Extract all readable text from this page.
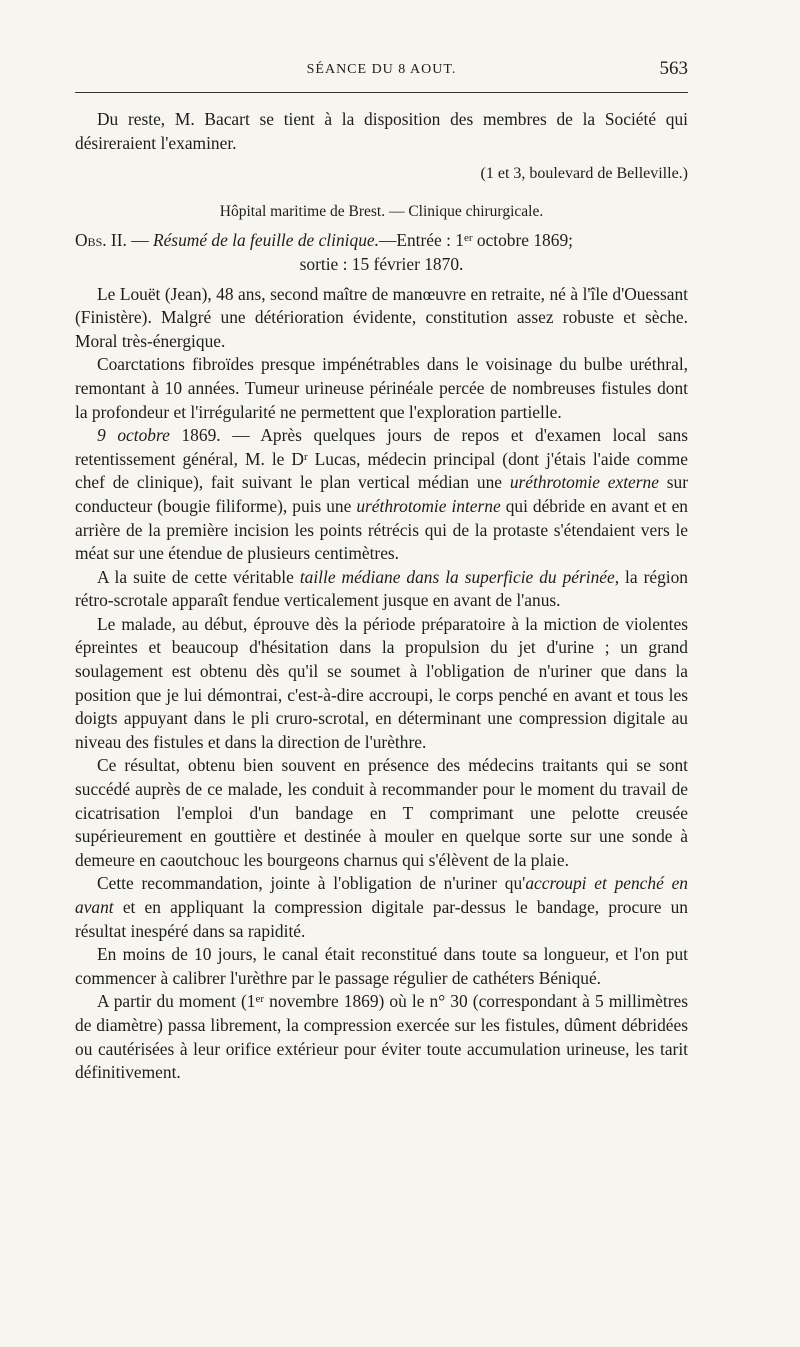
SÉANCE DU 8 AOUT.	563

Du reste, M. Bacart se tient à la disposition des membres de la Société qui désireraient l'examiner.

(1 et 3, boulevard de Belleville.)

Hôpital maritime de Brest. — Clinique chirurgicale.

Obs. II. — Résumé de la feuille de clinique.—Entrée : 1er octobre 1869;
sortie : 15 février 1870.

Le Louët (Jean), 48 ans, second maître de manœuvre en retraite, né à l'île d'Ouessant (Finistère). Malgré une détérioration évidente, constitution assez robuste et sèche. Moral très-énergique.

Coarctations fibroïdes presque impénétrables dans le voisinage du bulbe uréthral, remontant à 10 années. Tumeur urineuse périnéale percée de nombreuses fistules dont la profondeur et l'irrégularité ne permettent que l'exploration partielle.

9 octobre 1869. — Après quelques jours de repos et d'examen local sans retentissement général, M. le $D^r$ Lucas, médecin principal (dont j'étais l'aide comme chef de clinique), fait suivant le plan vertical médian une uréthrotomie externe sur conducteur (bougie filiforme), puis une uréthrotomie interne qui débride en avant et en arrière de la première incision les points rétrécis qui de la protaste s'étendaient vers le méat sur une étendue de plusieurs centimètres.

A la suite de cette véritable taille médiane dans la superficie du périnée, la région rétro-scrotale apparaît fendue verticalement jusque en avant de l'anus.

Le malade, au début, éprouve dès la période préparatoire à la miction de violentes épreintes et beaucoup d'hésitation dans la propulsion du jet d'urine ; un grand soulagement est obtenu dès qu'il se soumet à l'obligation de n'uriner que dans la position que je lui démontrai, c'est-à-dire accroupi, le corps penché en avant et tous les doigts appuyant dans le pli cruro-scrotal, en déterminant une compression digitale au niveau des fistules et dans la direction de l'urèthre.

Ce résultat, obtenu bien souvent en présence des médecins traitants qui se sont succédé auprès de ce malade, les conduit à recommander pour le moment du travail de cicatrisation l'emploi d'un bandage en T comprimant une pelotte creusée supérieurement en gouttière et destinée à mouler en quelque sorte sur une sonde à demeure en caoutchouc les bourgeons charnus qui s'élèvent de la plaie.

Cette recommandation, jointe à l'obligation de n'uriner qu'accroupi et penché en avant et en appliquant la compression digitale par-dessus le bandage, procure un résultat inespéré dans sa rapidité.

En moins de 10 jours, le canal était reconstitué dans toute sa longueur, et l'on put commencer à calibrer l'urèthre par le passage régulier de cathéters Béniqué.

A partir du moment (1er novembre 1869) où le n° 30 (correspondant à 5 millimètres de diamètre) passa librement, la compression exercée sur les fistules, dûment débridées ou cautérisées à leur orifice extérieur pour éviter toute accumulation urineuse, les tarit définitivement.
